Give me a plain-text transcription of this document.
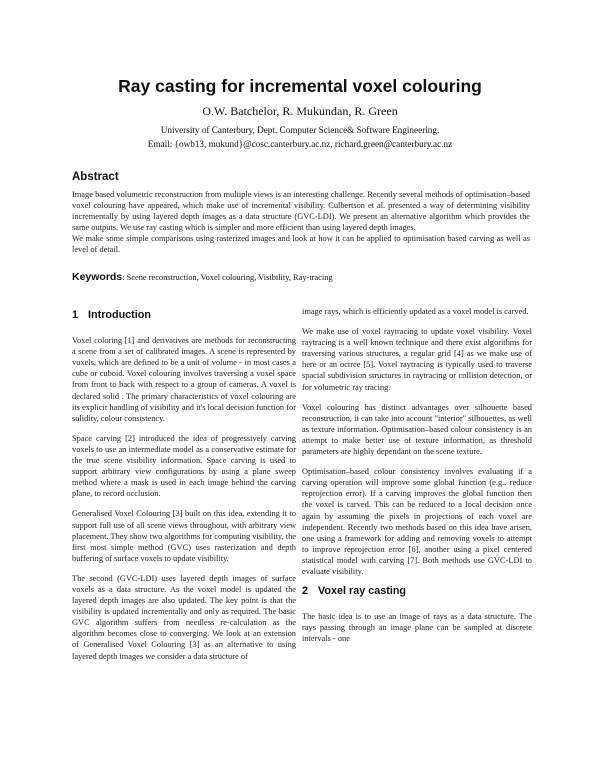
Ray casting for incremental voxel colouring
O.W. Batchelor, R. Mukundan, R. Green
University of Canterbury, Dept. Computer Science& Software Engineering.
Email: {owb13, mukund}@cosc.canterbury.ac.nz, richard.green@canterbury.ac.nz
Abstract

Image based volumetric reconstruction from multiple views is an interesting challenge. Recently several methods of optimisation–based voxel colouring have appeared, which make use of incremental visibility. Culbertson et al. presented a way of determining visibility incrementally by using layered depth images as a data structure (GVC-LDI). We present an alternative algorithm which provides the same outputs. We use ray casting which is simpler and more efficient than using layered depth images.

We make some simple comparisons using rasterized images and look at how it can be applied to optimisation based carving as well as level of detail.

Keywords: Scene reconstruction, Voxel colouring, Visibility, Ray-tracing
1 Introduction

Voxel coloring [1] and derivatives are methods for reconstructing a scene from a set of calibrated images. A scene is represented by voxels, which are defined to be a unit of volume - in most cases a cube or cuboid. Voxel colouring involves traversing a voxel space from front to back with respect to a group of cameras. A voxel is declared solid . The primary characteristics of voxel colouring are its explicit handling of visibility and it's local decision function for solidity, colour consistency.

Space carving [2] introduced the idea of progressively carving voxels to use an intermediate model as a conservative estimate for the true scene visibility information. Space carving is used to support arbitrary view configurations by using a plane sweep method where a mask is used in each image behind the carving plane, to record occlusion.

Generalised Voxel Colouring [3] built on this idea, extending it to support full use of all scene views throughout, with arbitrary view placement. They show two algorithms for computing visibility, the first most simple method (GVC) uses rasterization and depth buffering of surface voxels to update visibility.

The second (GVC-LDI) uses layered depth images of surface voxels as a data structure. As the voxel model is updated the layered depth images are also updated. The key point is that the visibility is updated incrementally and only as required. The basic GVC algorithm suffers from needless re-calculation as the algorithm becomes close to converging. We look at an extension of Generalised Voxel Colouring [3] as an alternative to using layered depth images we consider a data structure of

image rays, which is efficiently updated as a voxel model is carved.

We make use of voxel raytracing to update voxel visibility. Voxel raytracing is a well known technique and there exist algorithms for traversing various structures, a regular grid [4] as we make use of here or an octree [5]. Voxel raytracing is typically used to traverse spacial subdivision structures in raytracing or collision detection, or for volumetric ray tracing.

Voxel colouring has distinct advantages over silhouette based reconstruction, it can take into account "interior" silhouettes, as well as texture information. Optimisation–based colour consistency is an attempt to make better use of texture information, as threshold parameters are highly dependant on the scene texture.

Optimisation–based colour consistency involves evaluating if a carving operation will improve some global function (e.g.. reduce reprojection error). If a carving improves the global function then the voxel is carved. This can be reduced to a local decision once again by assuming the pixels in projections of each voxel are independent. Recently two methods based on this idea have arisen, one using a framework for adding and removing voxels to attempt to improve reprojection error [6], another using a pixel centered statistical model with carving [7]. Both methods use GVC-LDI to evaluate visibility.

2 Voxel ray casting

The basic idea is to use an image of rays as a data structure. The rays passing through an image plane can be sampled at discrete intervals - one
